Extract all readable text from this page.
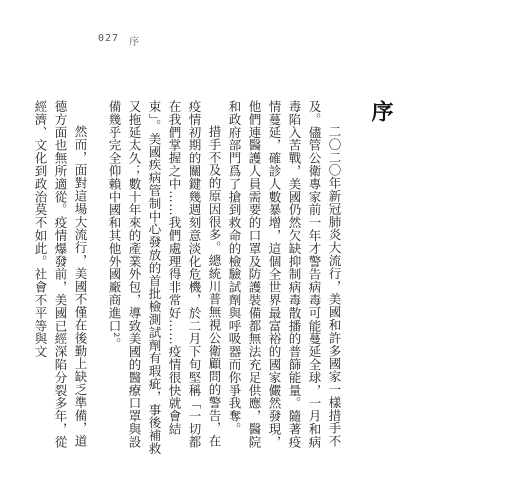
027 序
序

二〇二〇年新冠肺炎大流行，美國和許多國家一樣措手不及。儘管公衛專家前一年才警告病毒可能蔓延全球，一月和病毒陷入苦戰，美國仍然欠缺抑制病毒散播的普篩能量。隨著疫情蔓延，確診人數暴增，這個全世界最富裕的國家儼然發現，他們連醫護人員需要的口罩及防護裝備都無法充足供應，醫院和政府部門爲了搶到救命的檢驗試劑與呼吸器而你爭我奪。

措手不及的原因很多。總統川普無視公衛顧問的警告，在疫情初期的關鍵幾週刻意淡化危機，於二月下旬堅稱「一切都在我們掌握之中……我們處理得非常好……疫情很快就會結束」。美國疾病管制中心發放的首批檢測試劑有瑕疵，事後補救又拖延太久；數十年來的產業外包，導致美國的醫療口罩與設備幾乎完全仰賴中國和其他外國廠商進口²。

然而，面對這場大流行，美國不僅在後勤上缺乏準備，道德方面也無所適從。疫情爆發前，美國已經深陷分裂多年，從經濟、文化到政治莫不如此。社會不平等與文
